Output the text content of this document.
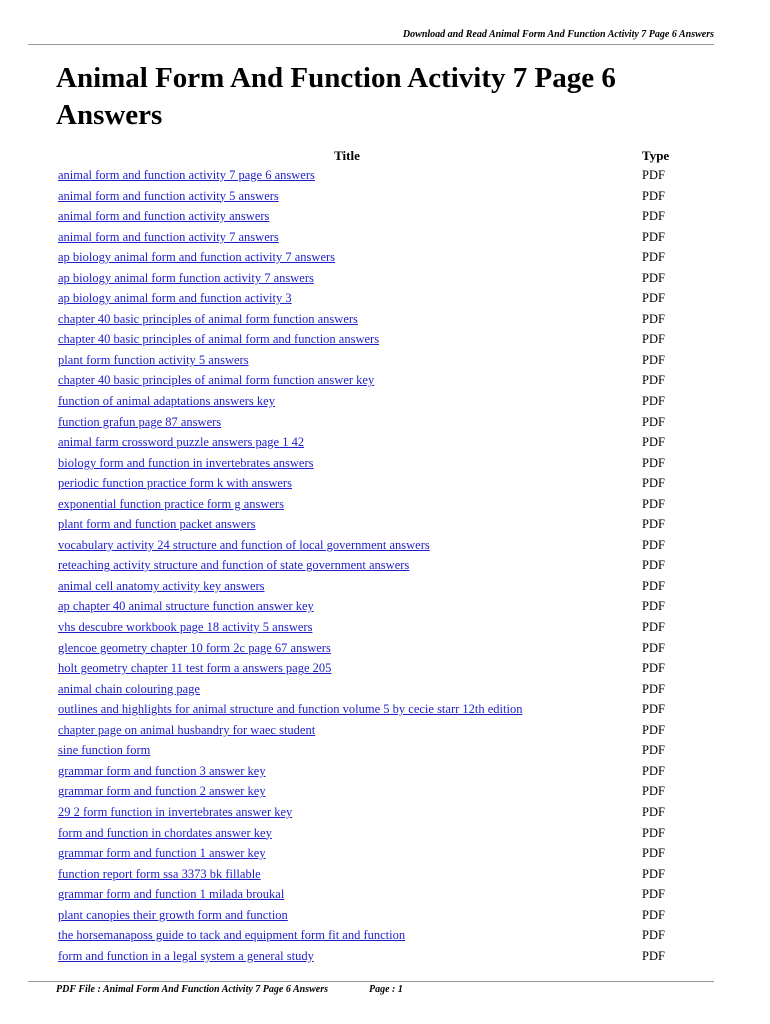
Download and Read Animal Form And Function Activity 7 Page 6 Answers
Animal Form And Function Activity 7 Page 6 Answers
Title	Type
animal form and function activity 7 page 6 answers	PDF
animal form and function activity 5 answers	PDF
animal form and function activity answers	PDF
animal form and function activity 7 answers	PDF
ap biology animal form and function activity 7 answers	PDF
ap biology animal form function activity 7 answers	PDF
ap biology animal form and function activity 3	PDF
chapter 40 basic principles of animal form function answers	PDF
chapter 40 basic principles of animal form and function answers	PDF
plant form function activity 5 answers	PDF
chapter 40 basic principles of animal form function answer key	PDF
function of animal adaptations answers key	PDF
function grafun page 87 answers	PDF
animal farm crossword puzzle answers page 1 42	PDF
biology form and function in invertebrates answers	PDF
periodic function practice form k with answers	PDF
exponential function practice form g answers	PDF
plant form and function packet answers	PDF
vocabulary activity 24 structure and function of local government answers	PDF
reteaching activity structure and function of state government answers	PDF
animal cell anatomy activity key answers	PDF
ap chapter 40 animal structure function answer key	PDF
vhs descubre workbook page 18 activity 5 answers	PDF
glencoe geometry chapter 10 form 2c page 67 answers	PDF
holt geometry chapter 11 test form a answers page 205	PDF
animal chain colouring page	PDF
outlines and highlights for animal structure and function volume 5 by cecie starr 12th edition	PDF
chapter page on animal husbandry for waec student	PDF
sine function form	PDF
grammar form and function 3 answer key	PDF
grammar form and function 2 answer key	PDF
29 2 form function in invertebrates answer key	PDF
form and function in chordates answer key	PDF
grammar form and function 1 answer key	PDF
function report form ssa 3373 bk fillable	PDF
grammar form and function 1 milada broukal	PDF
plant canopies their growth form and function	PDF
the horsemanaposs guide to tack and equipment form fit and function	PDF
form and function in a legal system a general study	PDF
PDF File : Animal Form And Function Activity 7 Page 6 Answers	Page : 1
